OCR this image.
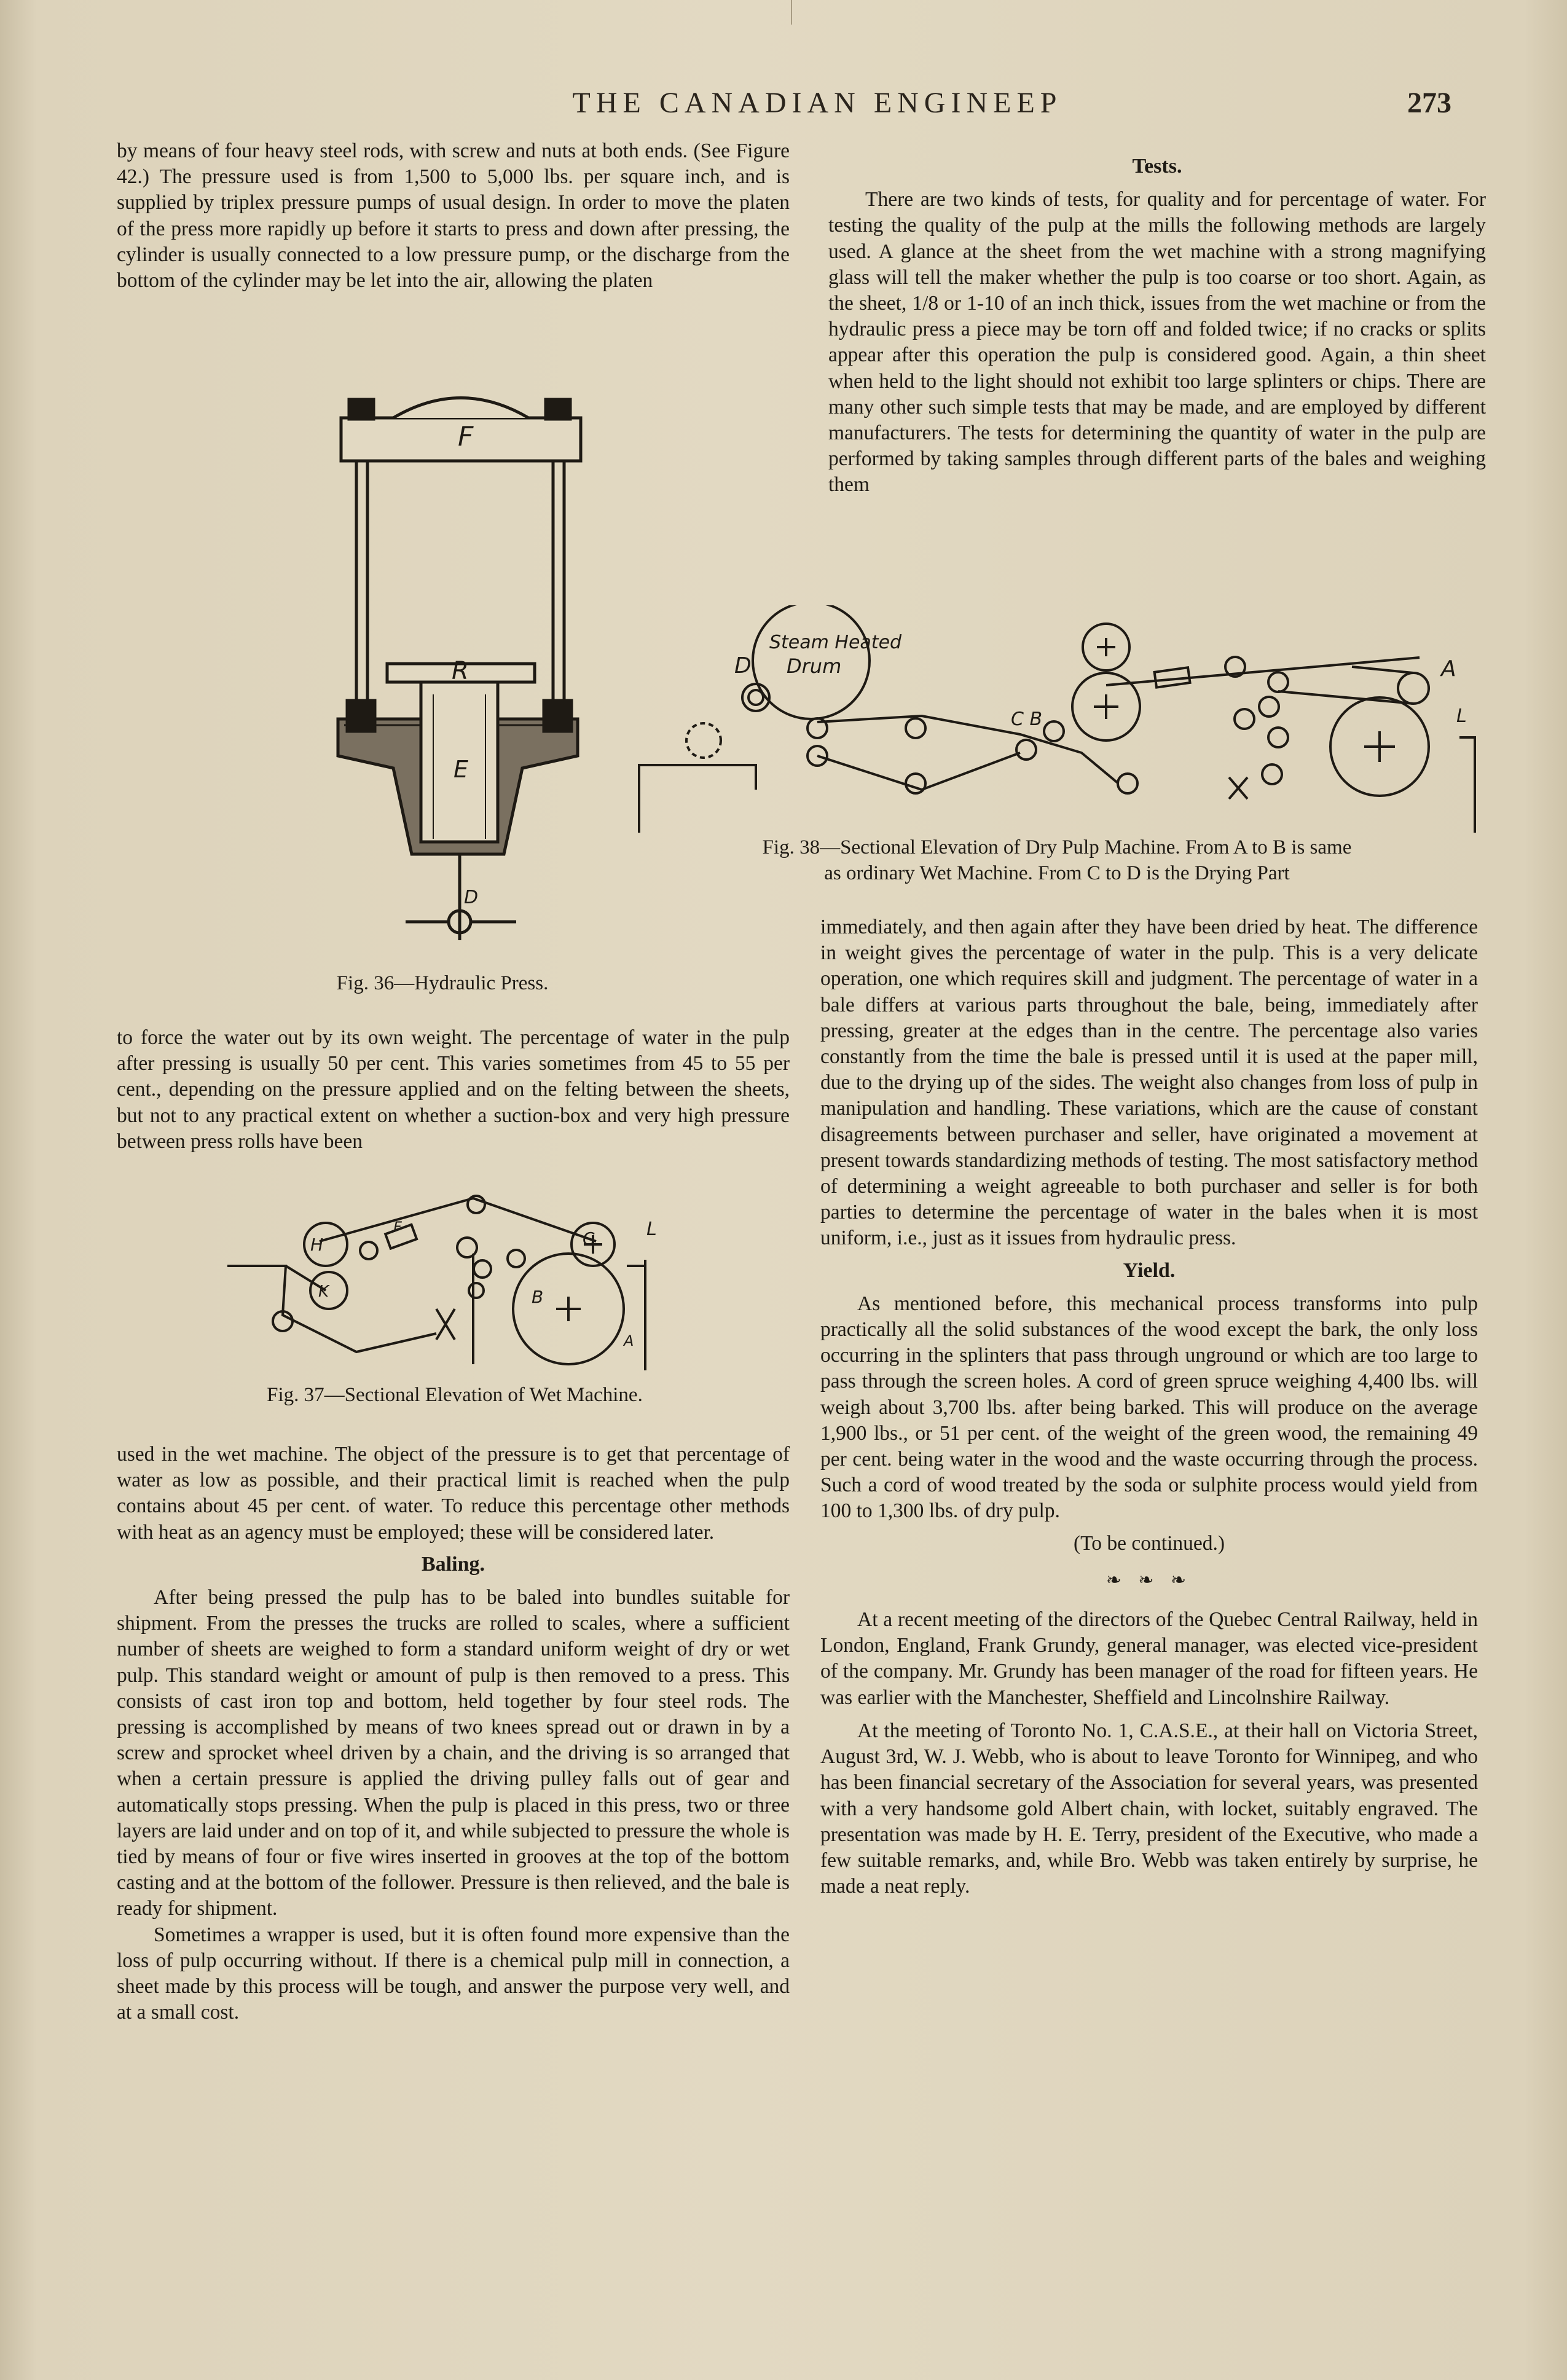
THE CANADIAN ENGINEEP	273

by means of four heavy steel rods, with screw and nuts at both ends. (See Figure 42.) The pressure used is from 1,500 to 5,000 lbs. per square inch, and is supplied by triplex pressure pumps of usual design. In order to move the platen of the press more rapidly up before it starts to press and down after pressing, the cylinder is usually connected to a low pressure pump, or the discharge from the bottom of the cylinder may be let into the air, allowing the platen

F
R
E
D
Fig. 36—Hydraulic Press.

to force the water out by its own weight. The percentage of water in the pulp after pressing is usually 50 per cent. This varies sometimes from 45 to 55 per cent., depending on the pressure applied and on the felting between the sheets, but not to any practical extent on whether a suction-box and very high pressure between press rolls have been

H
K
F
C
B
L
A
Fig. 37—Sectional Elevation of Wet Machine.

used in the wet machine. The object of the pressure is to get that percentage of water as low as possible, and their practical limit is reached when the pulp contains about 45 per cent. of water. To reduce this percentage other methods with heat as an agency must be employed; these will be considered later.

Baling.

After being pressed the pulp has to be baled into bundles suitable for shipment. From the presses the trucks are rolled to scales, where a sufficient number of sheets are weighed to form a standard uniform weight of dry or wet pulp. This standard weight or amount of pulp is then removed to a press. This consists of cast iron top and bottom, held together by four steel rods. The pressing is accomplished by means of two knees spread out or drawn in by a screw and sprocket wheel driven by a chain, and the driving is so arranged that when a certain pressure is applied the driving pulley falls out of gear and automatically stops pressing. When the pulp is placed in this press, two or three layers are laid under and on top of it, and while subjected to pressure the whole is tied by means of four or five wires inserted in grooves at the top of the bottom casting and at the bottom of the follower. Pressure is then relieved, and the bale is ready for shipment.

Sometimes a wrapper is used, but it is often found more expensive than the loss of pulp occurring without. If there is a chemical pulp mill in connection, a sheet made by this process will be tough, and answer the purpose very well, and at a small cost.

Tests.

There are two kinds of tests, for quality and for percentage of water. For testing the quality of the pulp at the mills the following methods are largely used. A glance at the sheet from the wet machine with a strong magnifying glass will tell the maker whether the pulp is too coarse or too short. Again, as the sheet, 1/8 or 1-10 of an inch thick, issues from the wet machine or from the hydraulic press a piece may be torn off and folded twice; if no cracks or splits appear after this operation the pulp is considered good. Again, a thin sheet when held to the light should not exhibit too large splinters or chips. There are many other such simple tests that may be made, and are employed by different manufacturers. The tests for determining the quantity of water in the pulp are performed by taking samples through different parts of the bales and weighing them

Steam Heated
Drum
D
C B
A
L
Fig. 38—Sectional Elevation of Dry Pulp Machine. From A to B is same
as ordinary Wet Machine. From C to D is the Drying Part

immediately, and then again after they have been dried by heat. The difference in weight gives the percentage of water in the pulp. This is a very delicate operation, one which requires skill and judgment. The percentage of water in a bale differs at various parts throughout the bale, being, immediately after pressing, greater at the edges than in the centre. The percentage also varies constantly from the time the bale is pressed until it is used at the paper mill, due to the drying up of the sides. The weight also changes from loss of pulp in manipulation and handling. These variations, which are the cause of constant disagreements between purchaser and seller, have originated a movement at present towards standardizing methods of testing. The most satisfactory method of determining a weight agreeable to both purchaser and seller is for both parties to determine the percentage of water in the bales when it is most uniform, i.e., just as it issues from hydraulic press.

Yield.

As mentioned before, this mechanical process transforms into pulp practically all the solid substances of the wood except the bark, the only loss occurring in the splinters that pass through unground or which are too large to pass through the screen holes. A cord of green spruce weighing 4,400 lbs. will weigh about 3,700 lbs. after being barked. This will produce on the average 1,900 lbs., or 51 per cent. of the weight of the green wood, the remaining 49 per cent. being water in the wood and the waste occurring through the process. Such a cord of wood treated by the soda or sulphite process would yield from 100 to 1,300 lbs. of dry pulp.

(To be continued.)
❧ ❧ ❧

At a recent meeting of the directors of the Quebec Central Railway, held in London, England, Frank Grundy, general manager, was elected vice-president of the company. Mr. Grundy has been manager of the road for fifteen years. He was earlier with the Manchester, Sheffield and Lincolnshire Railway.

At the meeting of Toronto No. 1, C.A.S.E., at their hall on Victoria Street, August 3rd, W. J. Webb, who is about to leave Toronto for Winnipeg, and who has been financial secretary of the Association for several years, was presented with a very handsome gold Albert chain, with locket, suitably engraved. The presentation was made by H. E. Terry, president of the Executive, who made a few suitable remarks, and, while Bro. Webb was taken entirely by surprise, he made a neat reply.
